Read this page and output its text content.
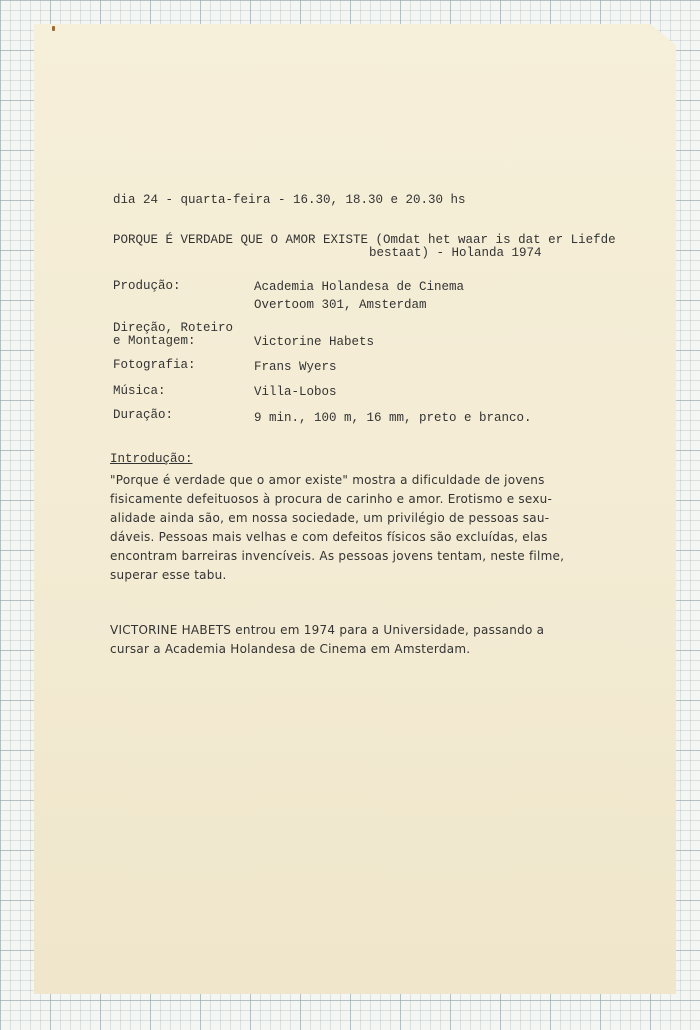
dia 24 - quarta-feira - 16.30, 18.30 e 20.30 hs
PORQUE É VERDADE QUE O AMOR EXISTE (Omdat het waar is dat er Liefde
bestaat) - Holanda 1974
Produção:	Academia Holandesa de Cinema
Overtoom 301, Amsterdam
Direção, Roteiro
e Montagem:	Victorine Habets
Fotografia:	Frans Wyers
Música:	Villa-Lobos
Duração:	9 min., 100 m, 16 mm, preto e branco.
Introdução:
"Porque é verdade que o amor existe" mostra a dificuldade de jovens
fisicamente defeituosos à procura de carinho e amor. Erotismo e sexu-
alidade ainda são, em nossa sociedade, um privilégio de pessoas sau-
dáveis. Pessoas mais velhas e com defeitos físicos são excluídas, elas
encontram barreiras invencíveis. As pessoas jovens tentam, neste filme,
superar esse tabu.
VICTORINE HABETS entrou em 1974 para a Universidade, passando a
cursar a Academia Holandesa de Cinema em Amsterdam.
